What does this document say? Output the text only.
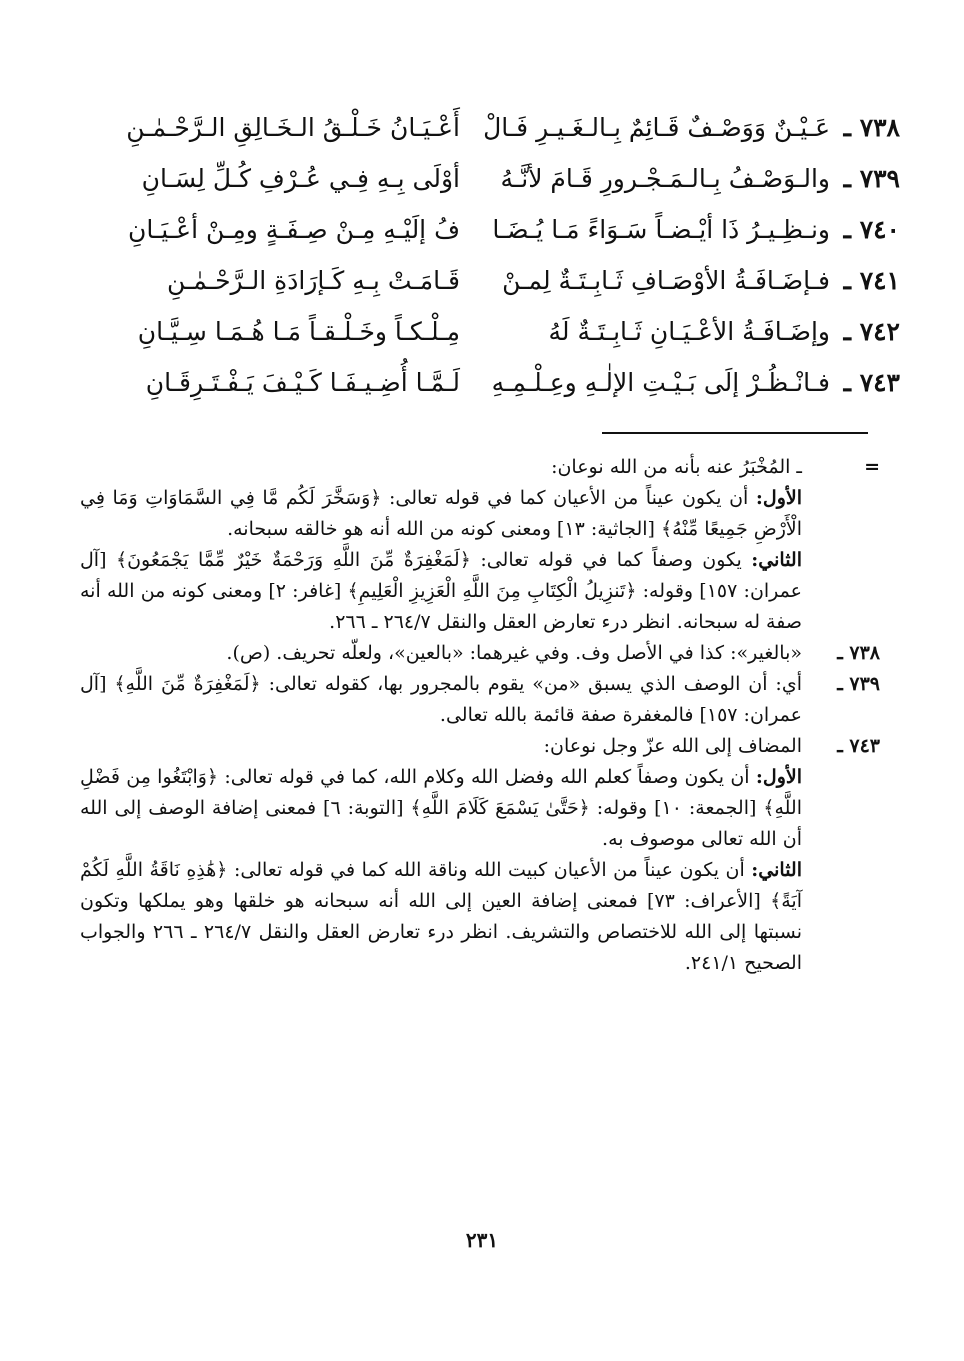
٧٣٨ ـ
عَـيْـنٌ وَوَصْـفٌ قَـائِمٌ بِـالـغَـيـرِ فَـالْ
أَعْـيَـانُ خَـلْـقُ الـخَـالِقِ الـرَّحْـمٰـنِ
٧٣٩ ـ
والـوَصْـفُ بِـالـمَـجْـرورِ قَـامَ لأنَّـهُ
أوْلَى بِـهِ فِـي عُـرْفِ كُـلِّ لِسَـانِ
٧٤٠ ـ
ونـظِـيـرُ ذَا أيْـضـاً سَـوَاءً مَـا يُـضَـا
فُ إلَيْـهِ مِـنْ صِـفَـةٍ ومِـنْ أعْـيَـانِ
٧٤١ ـ
فـإضَـافَـةُ الأوْصَـافِ ثَـابِـتَـةٌ لِمـنْ
قَـامَـتْ بِـهِ كَـإرَادَةِ الـرَّحْـمٰـنِ
٧٤٢ ـ
وإضَـافَـةُ الأعْـيَـانِ ثَـابِـتَـةٌ لَهُ
مِـلْـكـاً وخَـلْـقـاً مَـا هُـمَـا سِـيَّـانِ
٧٤٣ ـ
فـانْـظُـرْ إلَى بَـيْـتِ الإلٰـهِ وعِـلْـمِـهِ
لَـمَّـا أُضِـيـفَـا كَـيْـفَ يَـفْـتَـرِقَـانِ
=

ـ المُخْبَرُ عنه بأنه من الله نوعان:

الأول: أن يكون عيناً من الأعيان كما في قوله تعالى: ﴿وَسَخَّرَ لَكُم مَّا فِي السَّمَاوَاتِ وَمَا فِي الْأَرْضِ جَمِيعًا مِّنْهُ﴾ [الجاثية: ١٣] ومعنى كونه من الله أنه هو خالقه سبحانه.

الثاني: يكون وصفاً كما في قوله تعالى: ﴿لَمَغْفِرَةٌ مِّنَ اللَّهِ وَرَحْمَةٌ خَيْرٌ مِّمَّا يَجْمَعُونَ﴾ [آل عمران: ١٥٧] وقوله: ﴿تَنزِيلُ الْكِتَابِ مِنَ اللَّهِ الْعَزِيزِ الْعَلِيمِ﴾ [غافر: ٢] ومعنى كونه من الله أنه صفة له سبحانه. انظر درء تعارض العقل والنقل ٢٦٤/٧ ـ ٢٦٦.

٧٣٨ ـ

«بالغير»: كذا في الأصل وف. وفي غيرهما: «بالعين»، ولعلّه تحريف. (ص).

٧٣٩ ـ

أي: أن الوصف الذي يسبق «من» يقوم بالمجرور بها، كقوله تعالى: ﴿لَمَغْفِرَةٌ مِّنَ اللَّهِ﴾ [آل عمران: ١٥٧] فالمغفرة صفة قائمة بالله تعالى.

٧٤٣ ـ

المضاف إلى الله عزّ وجل نوعان:

الأول: أن يكون وصفاً كعلم الله وفضل الله وكلام الله، كما في قوله تعالى: ﴿وَابْتَغُوا مِن فَضْلِ اللَّهِ﴾ [الجمعة: ١٠] وقوله: ﴿حَتَّىٰ يَسْمَعَ كَلَامَ اللَّهِ﴾ [التوبة: ٦] فمعنى إضافة الوصف إلى الله أن الله تعالى موصوف به.

الثاني: أن يكون عيناً من الأعيان كبيت الله وناقة الله كما في قوله تعالى: ﴿هَٰذِهِ نَاقَةُ اللَّهِ لَكُمْ آيَةً﴾ [الأعراف: ٧٣] فمعنى إضافة العين إلى الله أنه سبحانه هو خلقها وهو يملكها وتكون نسبتها إلى الله للاختصاص والتشريف. انظر درء تعارض العقل والنقل ٢٦٤/٧ ـ ٢٦٦ والجواب الصحيح ٢٤١/١.

٢٣١
